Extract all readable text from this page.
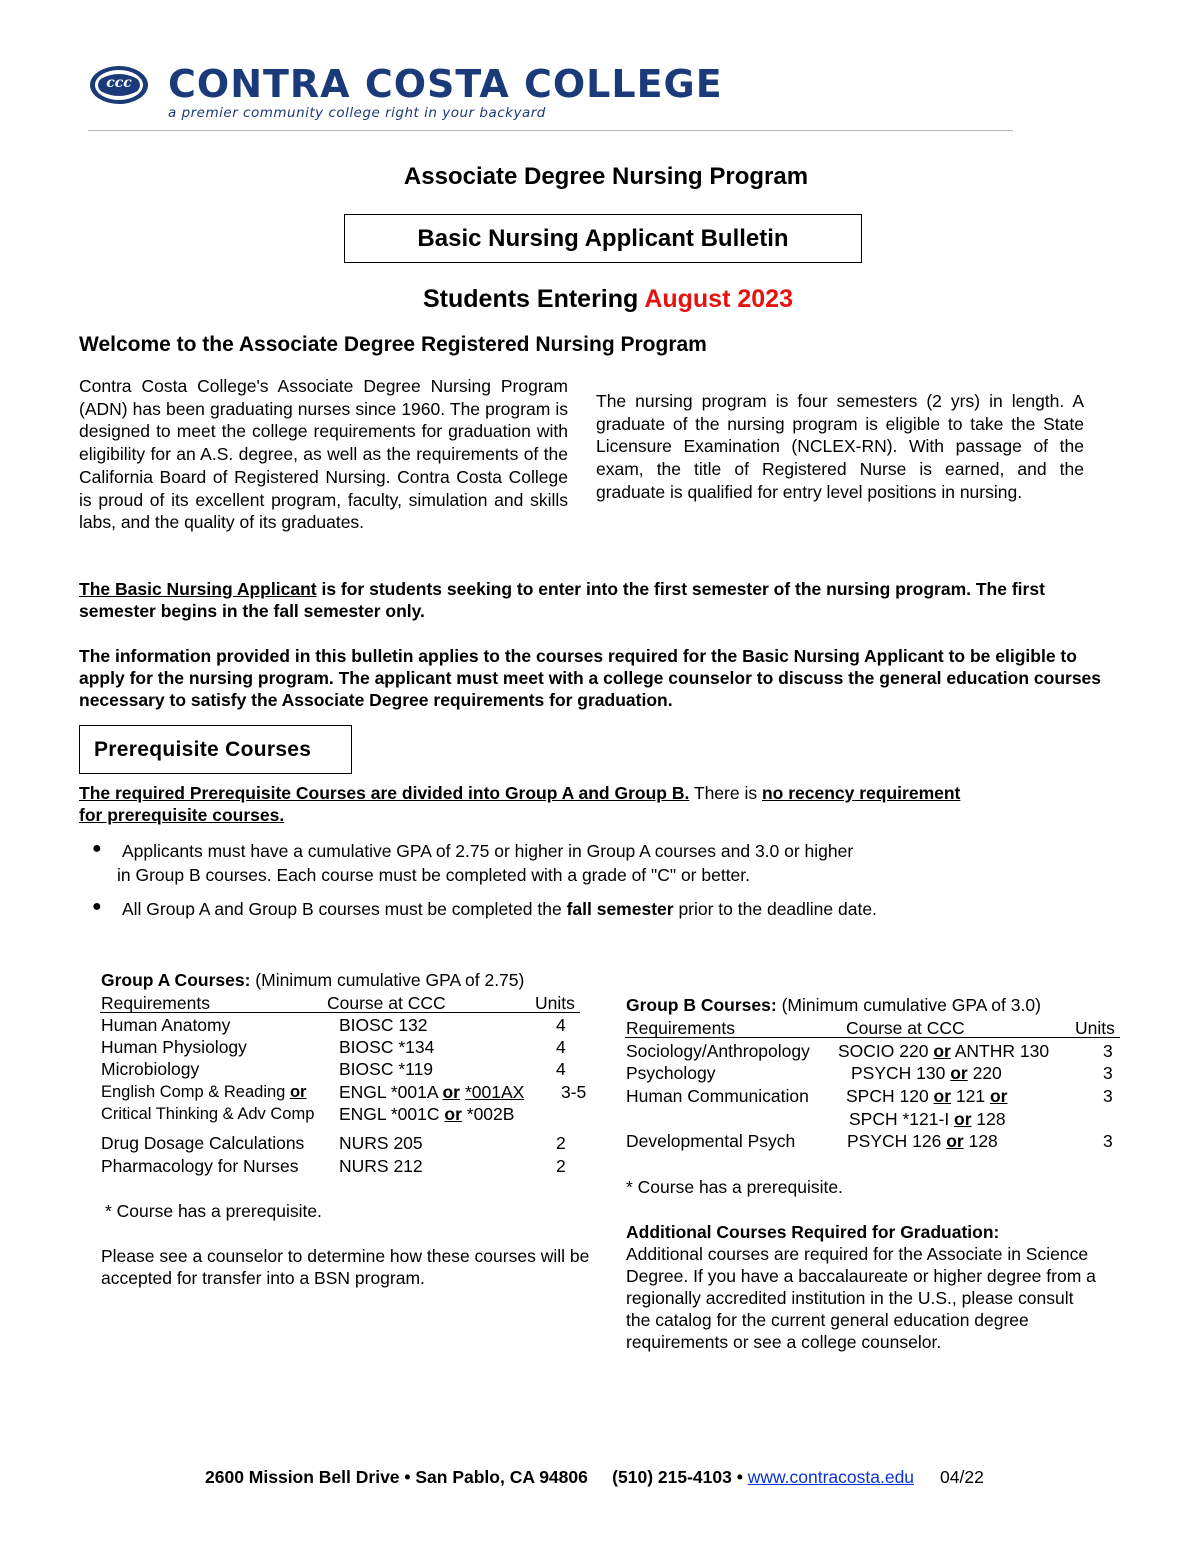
ccc CONTRA COSTA COLLEGE
a premier community college right in your backyard
Associate Degree Nursing Program
Basic Nursing Applicant Bulletin
Students Entering August 2023
Welcome to the Associate Degree Registered Nursing Program
Contra Costa College's Associate Degree Nursing Program (ADN) has been graduating nurses since 1960. The program is designed to meet the college requirements for graduation with eligibility for an A.S. degree, as well as the requirements of the California Board of Registered Nursing. Contra Costa College is proud of its excellent program, faculty, simulation and skills labs, and the quality of its graduates.
The nursing program is four semesters (2 yrs) in length. A graduate of the nursing program is eligible to take the State Licensure Examination (NCLEX-RN). With passage of the exam, the title of Registered Nurse is earned, and the graduate is qualified for entry level positions in nursing.
The Basic Nursing Applicant is for students seeking to enter into the first semester of the nursing program. The first semester begins in the fall semester only.
The information provided in this bulletin applies to the courses required for the Basic Nursing Applicant to be eligible to apply for the nursing program. The applicant must meet with a college counselor to discuss the general education courses necessary to satisfy the Associate Degree requirements for graduation.
Prerequisite Courses
The required Prerequisite Courses are divided into Group A and Group B. There is no recency requirement
for prerequisite courses.
● Applicants must have a cumulative GPA of 2.75 or higher in Group A courses and 3.0 or higher
in Group B courses. Each course must be completed with a grade of "C" or better.
● All Group A and Group B courses must be completed the fall semester prior to the deadline date.
Group A Courses: (Minimum cumulative GPA of 2.75)
Requirements	Course at CCC	Units
Human Anatomy	BIOSC 132	4
Human Physiology	BIOSC *134	4
Microbiology	BIOSC *119	4
English Comp & Reading or ENGL *001A or *001AX 3-5
Critical Thinking & Adv Comp ENGL *001C or *002B
Drug Dosage Calculations NURS 205	2
Pharmacology for Nurses NURS 212	2
* Course has a prerequisite.
Please see a counselor to determine how these courses will be accepted for transfer into a BSN program.
Group B Courses: (Minimum cumulative GPA of 3.0)
Requirements	Course at CCC	Units
Sociology/Anthropology SOCIO 220 or ANTHR 130	3
Psychology	PSYCH 130 or 220	3
Human Communication SPCH 120 or 121 or	3
SPCH *121-I or 128
Developmental Psych	PSYCH 126 or 128	3
* Course has a prerequisite.
Additional Courses Required for Graduation:
Additional courses are required for the Associate in Science Degree. If you have a baccalaureate or higher degree from a regionally accredited institution in the U.S., please consult the catalog for the current general education degree requirements or see a college counselor.
2600 Mission Bell Drive • San Pablo, CA 94806     (510) 215-4103 • www.contracosta.edu 04/22
